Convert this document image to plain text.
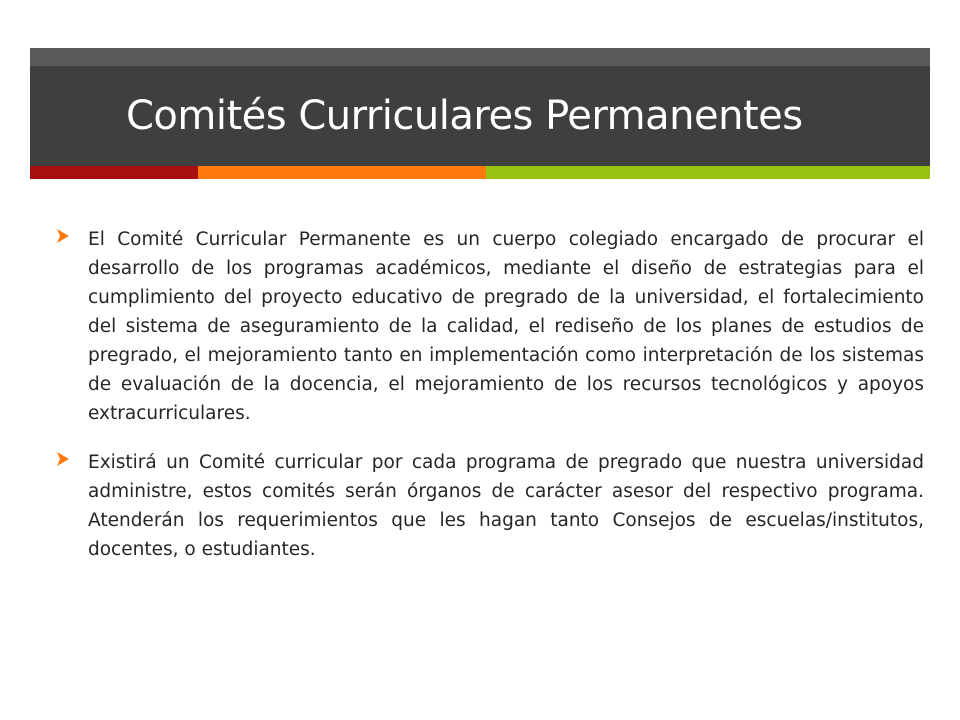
Comités Curriculares Permanentes
El Comité Curricular Permanente es un cuerpo colegiado encargado de procurar el desarrollo de los programas académicos, mediante el diseño de estrategias para el cumplimiento del proyecto educativo de pregrado de la universidad, el fortalecimiento del sistema de aseguramiento de la calidad, el rediseño de los planes de estudios de pregrado, el mejoramiento tanto en implementación como interpretación de los sistemas de evaluación de la docencia, el mejoramiento de los recursos tecnológicos y apoyos extracurriculares.
Existirá un Comité curricular por cada programa de pregrado que nuestra universidad administre, estos comités serán órganos de carácter asesor del respectivo programa. Atenderán los requerimientos que les hagan tanto Consejos de escuelas/institutos, docentes, o estudiantes.
